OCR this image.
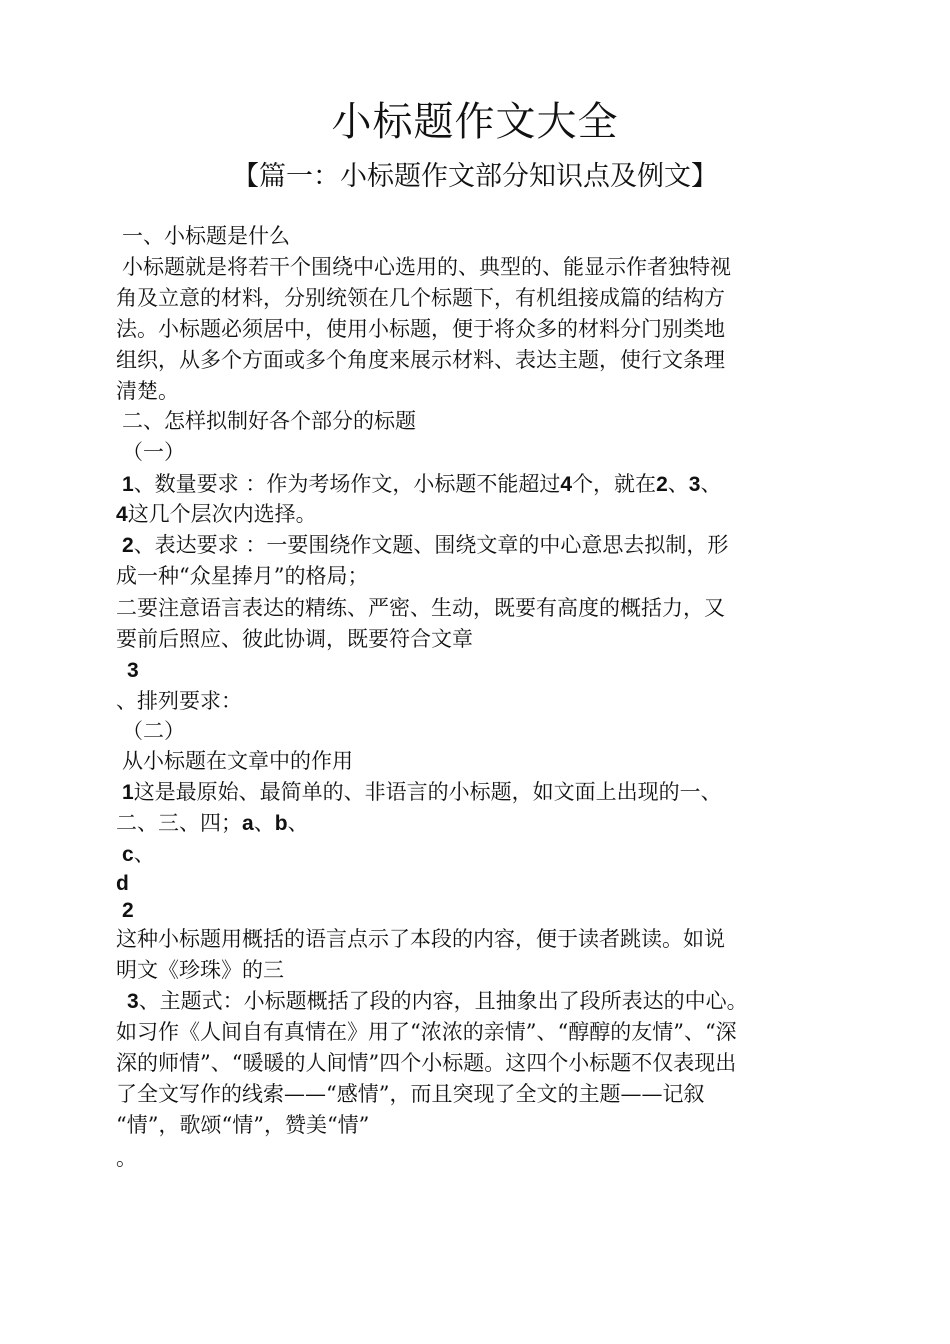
小标题作文大全
【篇一：小标题作文部分知识点及例文】
一、小标题是什么
小标题就是将若干个围绕中心选用的、典型的、能显示作者独特视
角及立意的材料，分别统领在几个标题下，有机组接成篇的结构方
法。小标题必须居中，使用小标题，便于将众多的材料分门别类地
组织，从多个方面或多个角度来展示材料、表达主题，使行文条理
清楚。
二、怎样拟制好各个部分的标题
（一）
1、数量要求 ：作为考场作文，小标题不能超过4个，就在2、3、
4这几个层次内选择。
2、表达要求 ：一要围绕作文题、围绕文章的中心意思去拟制，形
成一种“众星捧月”的格局；
二要注意语言表达的精练、严密、生动，既要有高度的概括力，又
要前后照应、彼此协调，既要符合文章
3
、排列要求：
（二）
从小标题在文章中的作用
1这是最原始、最简单的、非语言的小标题，如文面上出现的一、
二、三、四；a、b、
c、
d
2
这种小标题用概括的语言点示了本段的内容，便于读者跳读。如说
明文《珍珠》的三
3、主题式：小标题概括了段的内容，且抽象出了段所表达的中心。
如习作《人间自有真情在》用了“浓浓的亲情”、“醇醇的友情”、“深
深的师情”、“暖暖的人间情”四个小标题。这四个小标题不仅表现出
了全文写作的线索——“感情”，而且突现了全文的主题——记叙
“情”，歌颂“情”，赞美“情”
。
